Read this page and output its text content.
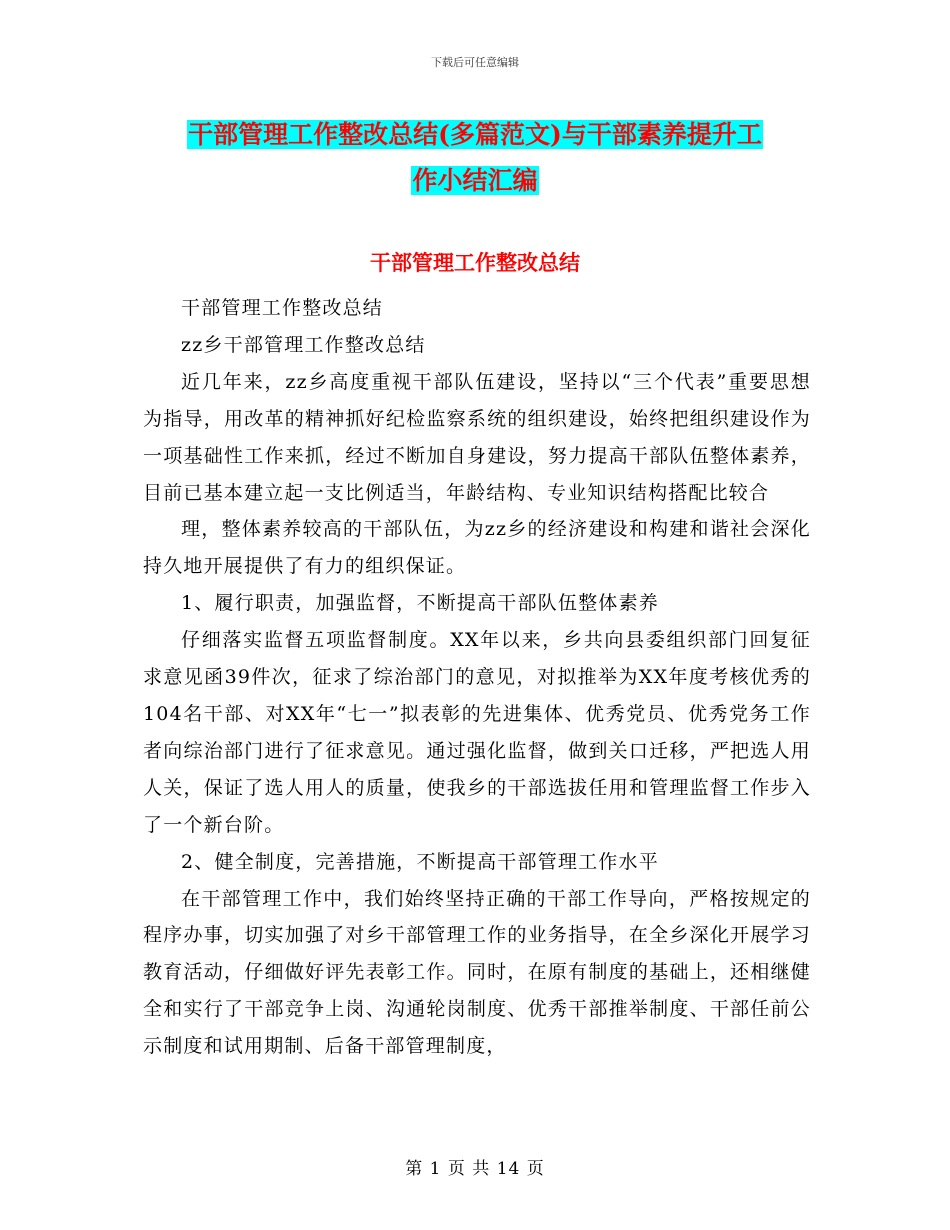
下载后可任意编辑
干部管理工作整改总结(多篇范文)与干部素养提升工
作小结汇编
干部管理工作整改总结

干部管理工作整改总结

zz乡干部管理工作整改总结

近几年来，zz乡高度重视干部队伍建设，坚持以“三个代表”重要思想为指导，用改革的精神抓好纪检监察系统的组织建设，始终把组织建设作为一项基础性工作来抓，经过不断加自身建设，努力提高干部队伍整体素养，目前已基本建立起一支比例适当，年龄结构、专业知识结构搭配比较合

理，整体素养较高的干部队伍，为zz乡的经济建设和构建和谐社会深化持久地开展提供了有力的组织保证。

1、履行职责，加强监督，不断提高干部队伍整体素养

仔细落实监督五项监督制度。XX年以来，乡共向县委组织部门回复征求意见函39件次，征求了综治部门的意见，对拟推举为XX年度考核优秀的104名干部、对XX年“七一”拟表彰的先进集体、优秀党员、优秀党务工作者向综治部门进行了征求意见。通过强化监督，做到关口迁移，严把选人用人关，保证了选人用人的质量，使我乡的干部选拔任用和管理监督工作步入了一个新台阶。

2、健全制度，完善措施，不断提高干部管理工作水平

在干部管理工作中，我们始终坚持正确的干部工作导向，严格按规定的程序办事，切实加强了对乡干部管理工作的业务指导，在全乡深化开展学习教育活动，仔细做好评先表彰工作。同时，在原有制度的基础上，还相继健全和实行了干部竞争上岗、沟通轮岗制度、优秀干部推举制度、干部任前公示制度和试用期制、后备干部管理制度，

第 1 页 共 14 页
